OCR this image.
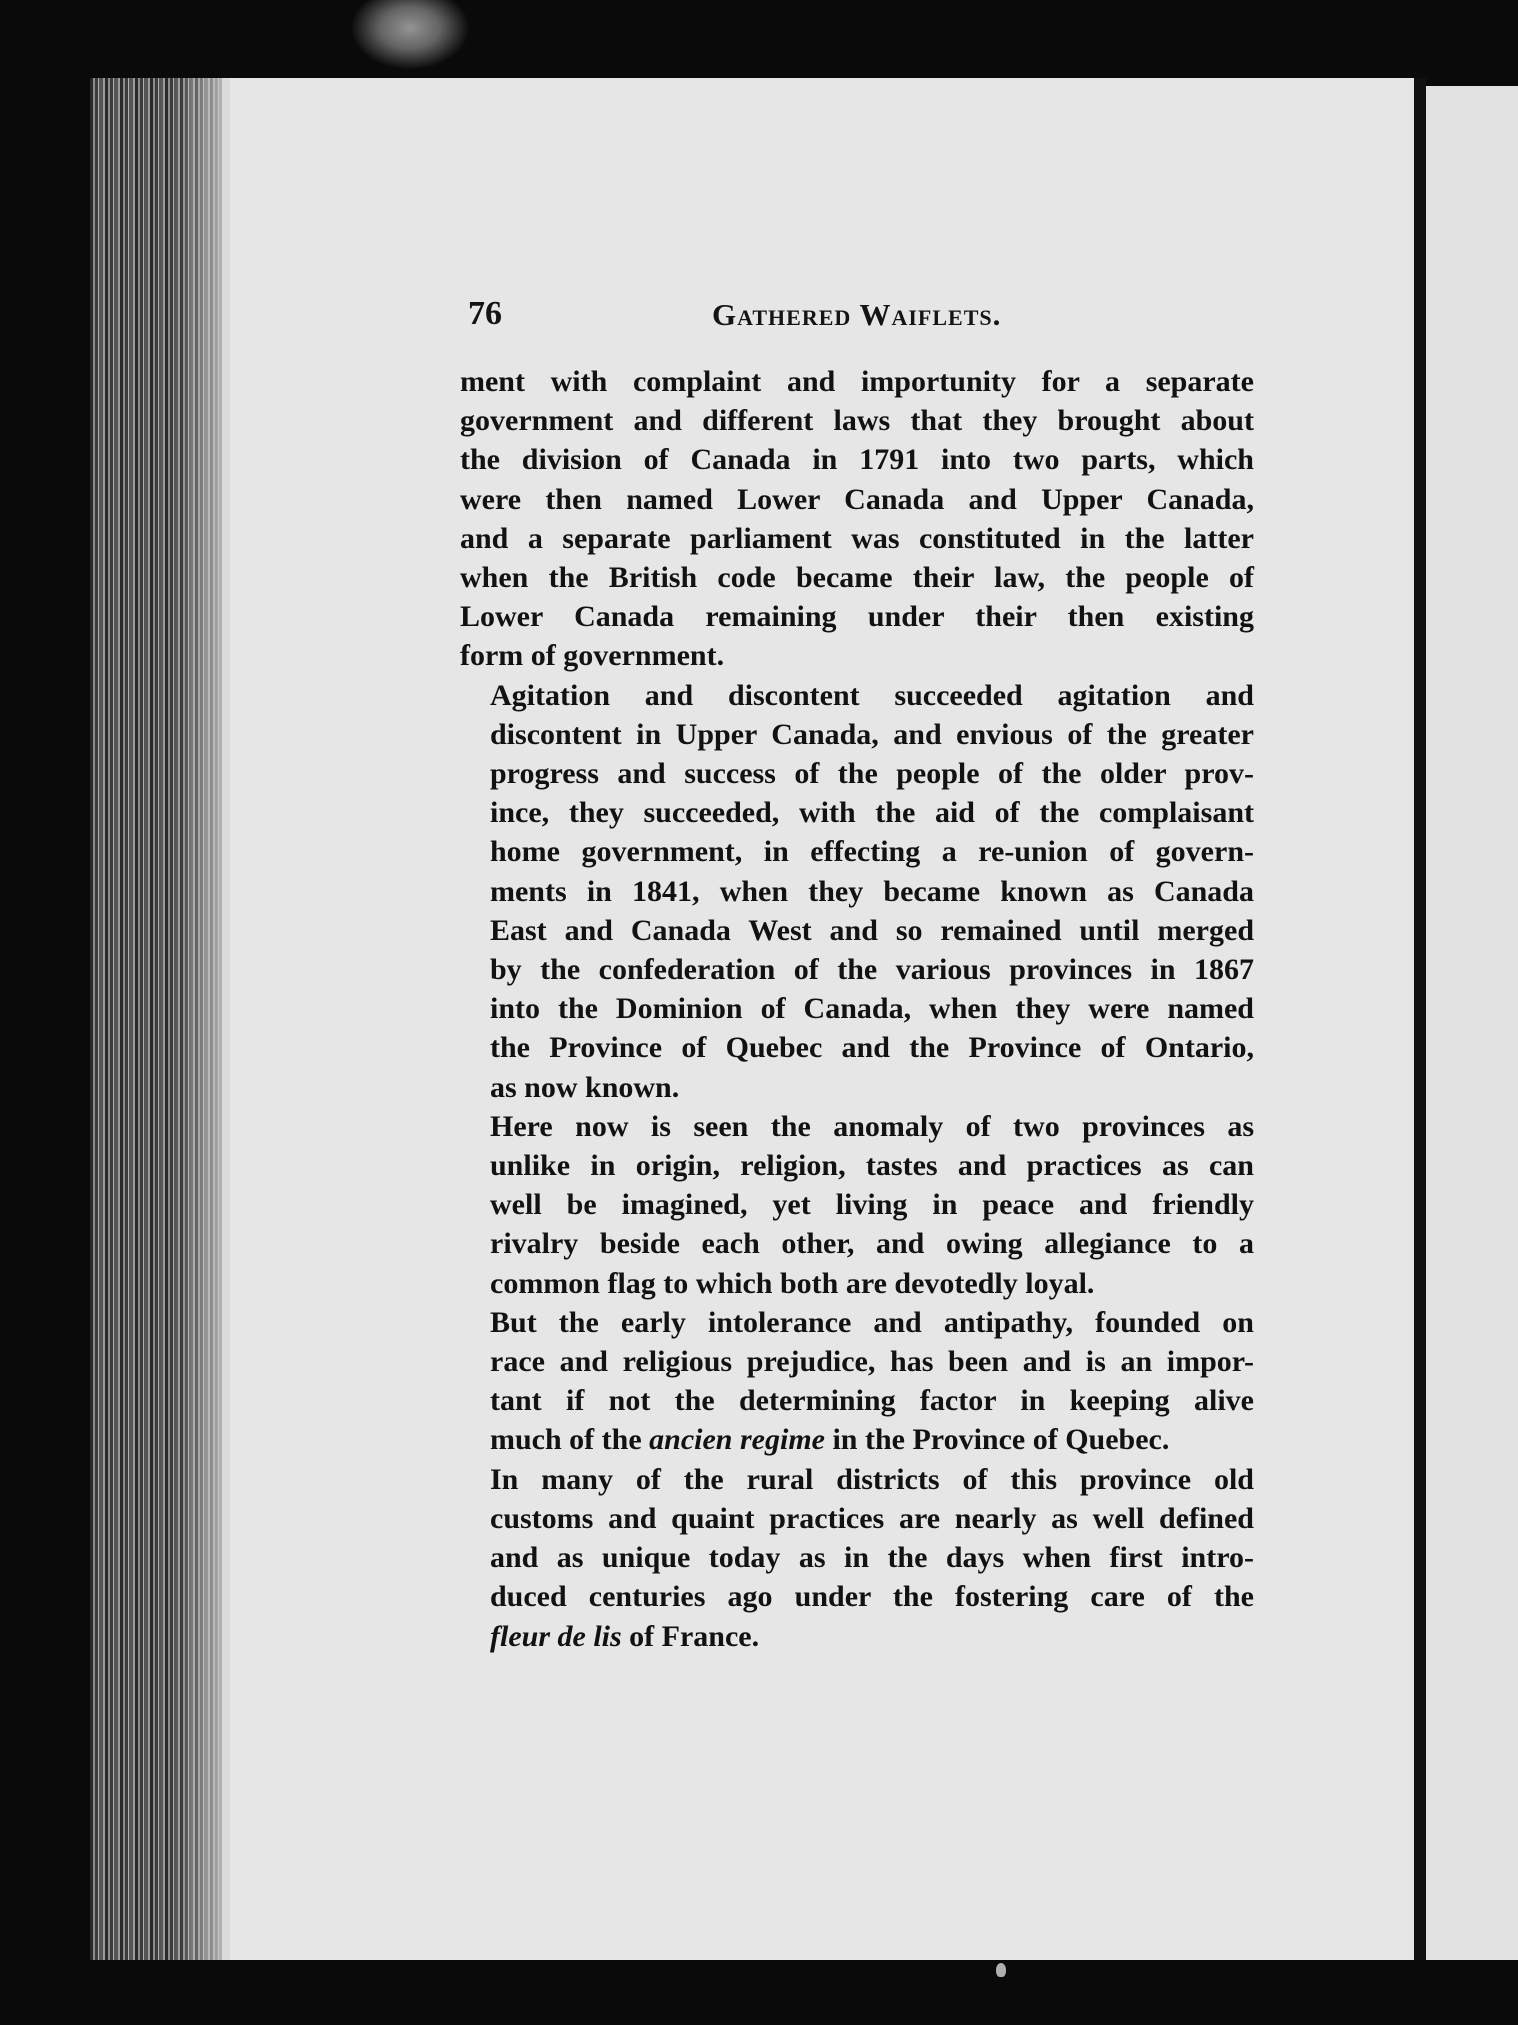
76	Gathered Waiflets.

ment with complaint and importunity for a separate
government and different laws that they brought about
the division of Canada in 1791 into two parts, which
were then named Lower Canada and Upper Canada,
and a separate parliament was constituted in the latter
when the British code became their law, the people of
Lower Canada remaining under their then existing
form of government.

Agitation and discontent succeeded agitation and
discontent in Upper Canada, and envious of the greater
progress and success of the people of the older prov-
ince, they succeeded, with the aid of the complaisant
home government, in effecting a re-union of govern-
ments in 1841, when they became known as Canada
East and Canada West and so remained until merged
by the confederation of the various provinces in 1867
into the Dominion of Canada, when they were named
the Province of Quebec and the Province of Ontario,
as now known.

Here now is seen the anomaly of two provinces as
unlike in origin, religion, tastes and practices as can
well be imagined, yet living in peace and friendly
rivalry beside each other, and owing allegiance to a
common flag to which both are devotedly loyal.

But the early intolerance and antipathy, founded on
race and religious prejudice, has been and is an impor-
tant if not the determining factor in keeping alive
much of the ancien regime in the Province of Quebec.

In many of the rural districts of this province old
customs and quaint practices are nearly as well defined
and as unique today as in the days when first intro-
duced centuries ago under the fostering care of the
fleur de lis of France.
